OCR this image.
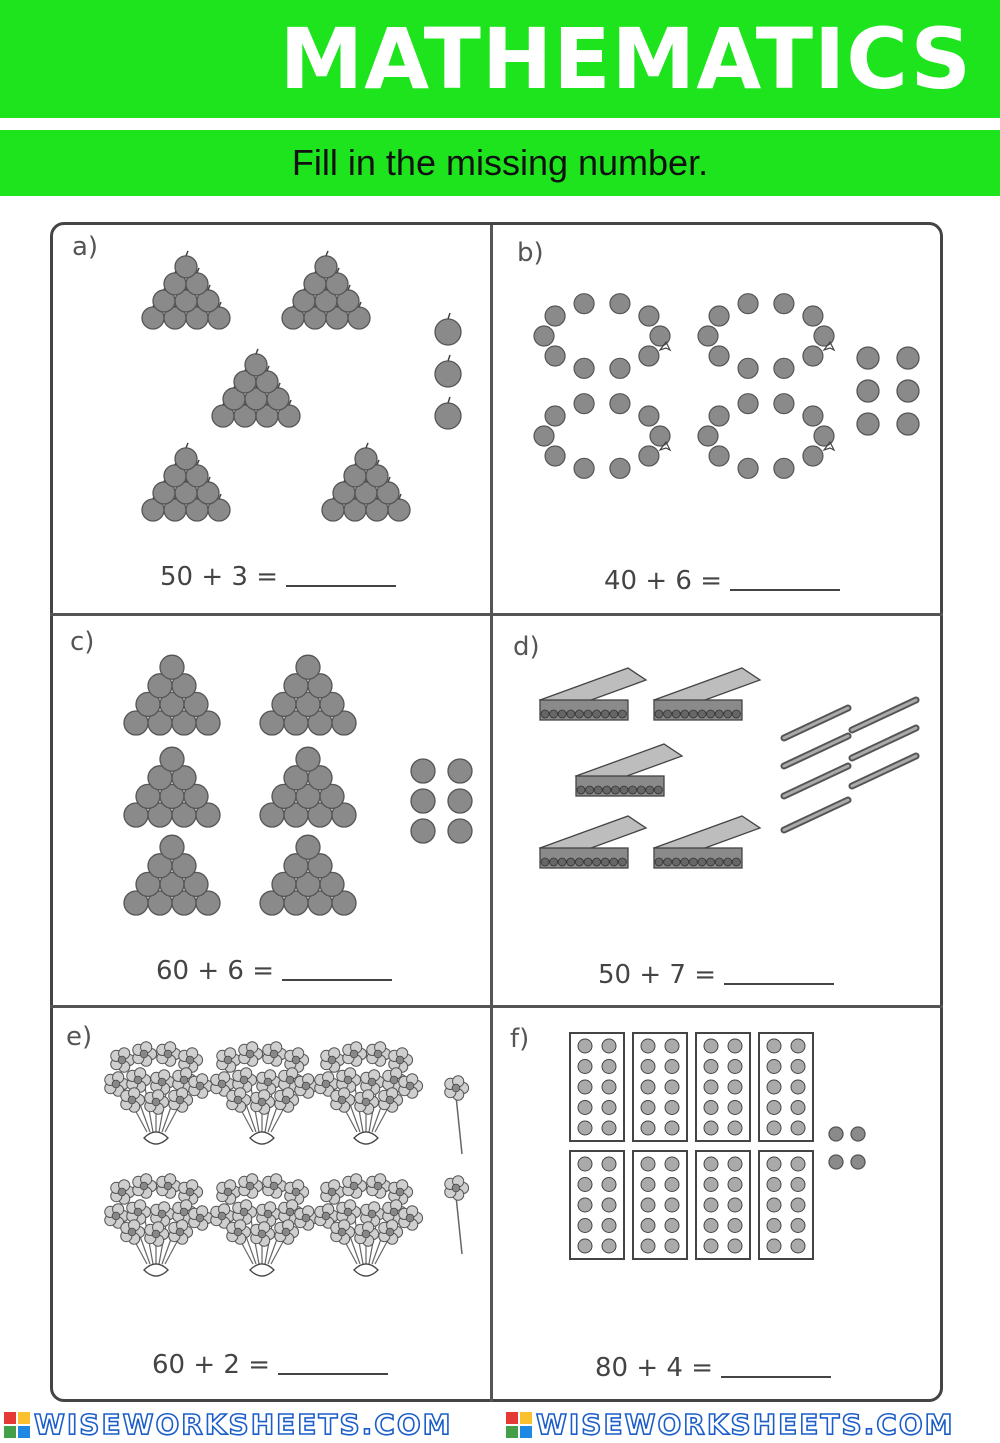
MATHEMATICS
Fill in the missing number.
a)	b)
c)	d)
e)	f)
50 + 3 =	40 + 6 =
60 + 6 =	50 + 7 =
60 + 2 =	80 + 4 =
WISEWORKSHEETS.COM	WISEWORKSHEETS.COM
